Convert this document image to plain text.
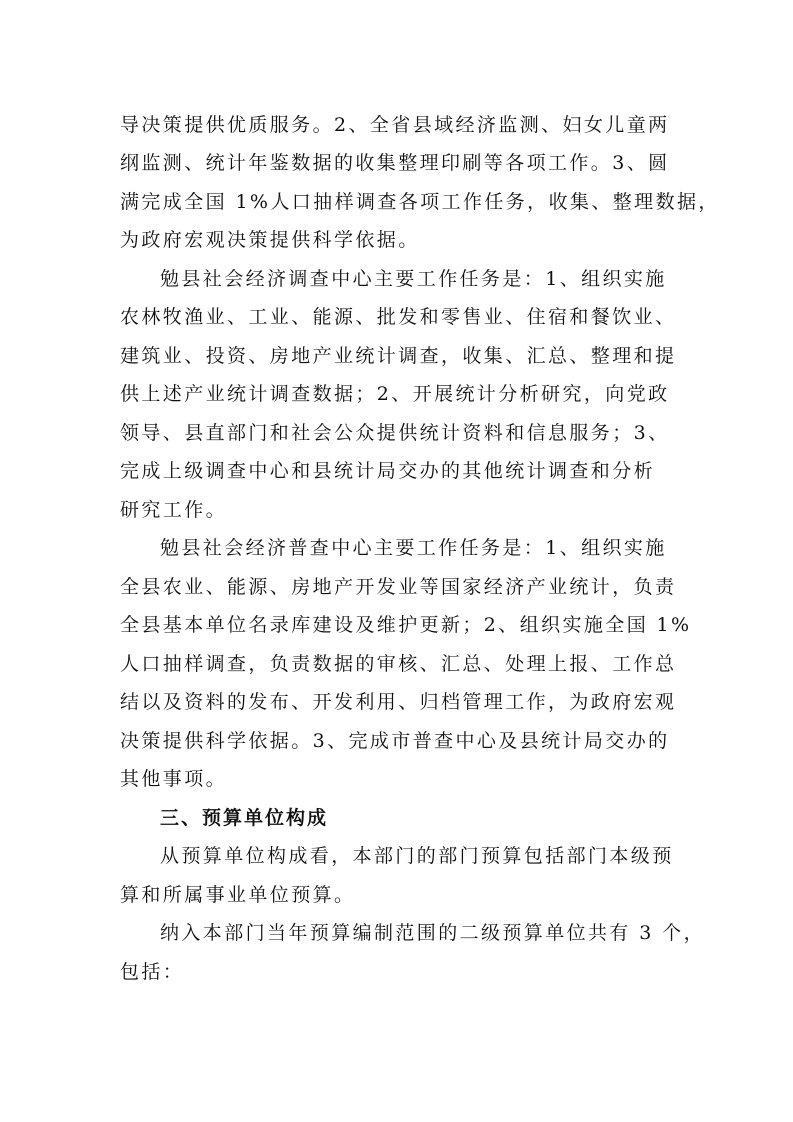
导决策提供优质服务。2、全省县域经济监测、妇女儿童两
纲监测、统计年鉴数据的收集整理印刷等各项工作。3、圆
满完成全国 1%人口抽样调查各项工作任务，收集、整理数据，
为政府宏观决策提供科学依据。
勉县社会经济调查中心主要工作任务是：1、组织实施
农林牧渔业、工业、能源、批发和零售业、住宿和餐饮业、
建筑业、投资、房地产业统计调查，收集、汇总、整理和提
供上述产业统计调查数据；2、开展统计分析研究，向党政
领导、县直部门和社会公众提供统计资料和信息服务；3、
完成上级调查中心和县统计局交办的其他统计调查和分析
研究工作。
勉县社会经济普查中心主要工作任务是：1、组织实施
全县农业、能源、房地产开发业等国家经济产业统计，负责
全县基本单位名录库建设及维护更新；2、组织实施全国 1%
人口抽样调查，负责数据的审核、汇总、处理上报、工作总
结以及资料的发布、开发利用、归档管理工作，为政府宏观
决策提供科学依据。3、完成市普查中心及县统计局交办的
其他事项。
三、预算单位构成
从预算单位构成看，本部门的部门预算包括部门本级预
算和所属事业单位预算。
纳入本部门当年预算编制范围的二级预算单位共有 3 个，
包括：
